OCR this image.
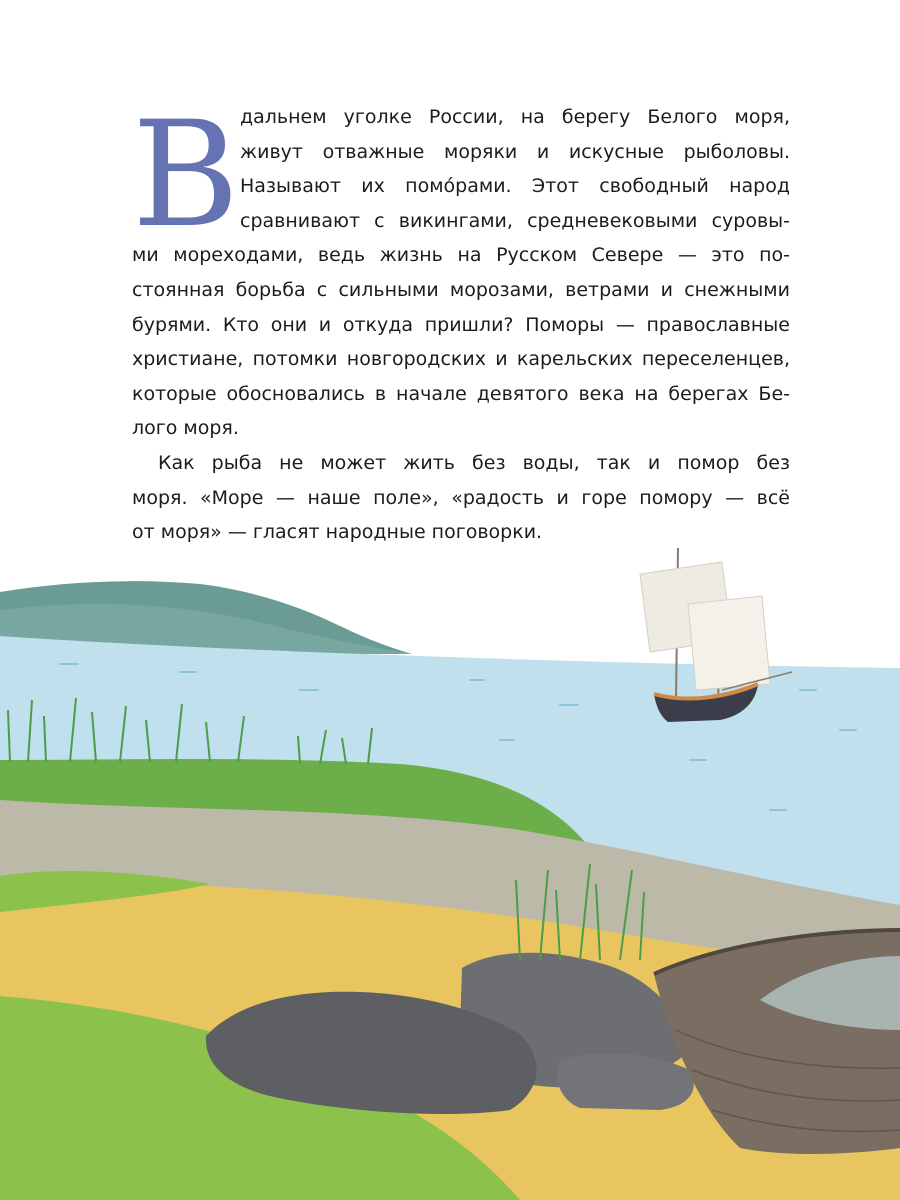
В дальнем уголке России, на берегу Белого моря,
живут отважные моряки и искусные рыболовы.
Называют их помóрами. Этот свободный народ
сравнивают с викингами, средневековыми суровы-
ми мореходами, ведь жизнь на Русском Севере — это по-
стоянная борьба с сильными морозами, ветрами и снежными
бурями. Кто они и откуда пришли? Поморы — православные
христиане, потомки новгородских и карельских переселенцев,
которые обосновались в начале девятого века на берегах Бе-
лого моря.
Как рыба не может жить без воды, так и помор без
моря. «Море — наше поле», «радость и горе помору — всё
от моря» — гласят народные поговорки.
